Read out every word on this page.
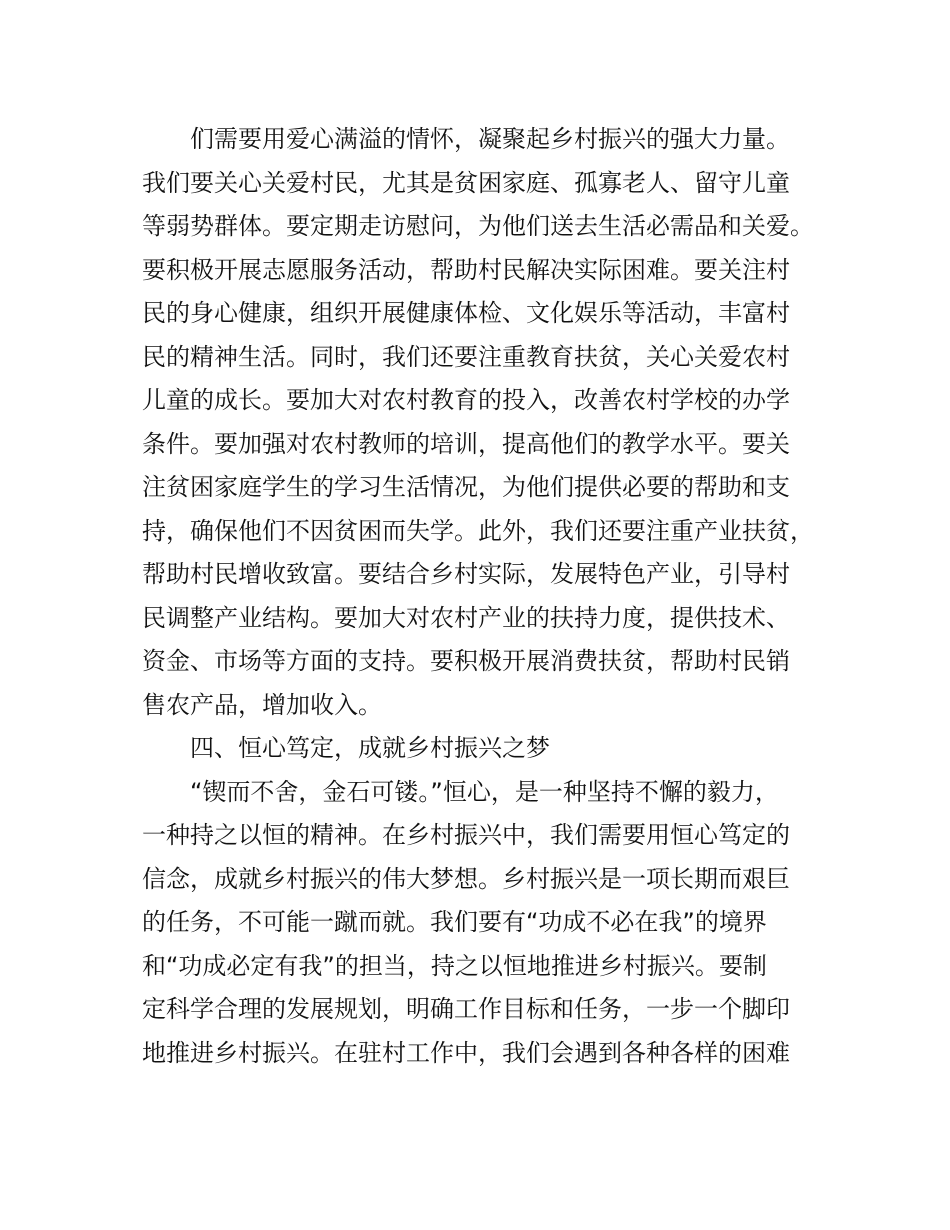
们需要用爱心满溢的情怀，凝聚起乡村振兴的强大力量。
我们要关心关爱村民，尤其是贫困家庭、孤寡老人、留守儿童
等弱势群体。要定期走访慰问，为他们送去生活必需品和关爱。
要积极开展志愿服务活动，帮助村民解决实际困难。要关注村
民的身心健康，组织开展健康体检、文化娱乐等活动，丰富村
民的精神生活。同时，我们还要注重教育扶贫，关心关爱农村
儿童的成长。要加大对农村教育的投入，改善农村学校的办学
条件。要加强对农村教师的培训，提高他们的教学水平。要关
注贫困家庭学生的学习生活情况，为他们提供必要的帮助和支
持，确保他们不因贫困而失学。此外，我们还要注重产业扶贫，
帮助村民增收致富。要结合乡村实际，发展特色产业，引导村
民调整产业结构。要加大对农村产业的扶持力度，提供技术、
资金、市场等方面的支持。要积极开展消费扶贫，帮助村民销
售农产品，增加收入。
四、恒心笃定，成就乡村振兴之梦
“锲而不舍，金石可镂。”恒心，是一种坚持不懈的毅力，
一种持之以恒的精神。在乡村振兴中，我们需要用恒心笃定的
信念，成就乡村振兴的伟大梦想。乡村振兴是一项长期而艰巨
的任务，不可能一蹴而就。我们要有“功成不必在我”的境界
和“功成必定有我”的担当，持之以恒地推进乡村振兴。要制
定科学合理的发展规划，明确工作目标和任务，一步一个脚印
地推进乡村振兴。在驻村工作中，我们会遇到各种各样的困难
